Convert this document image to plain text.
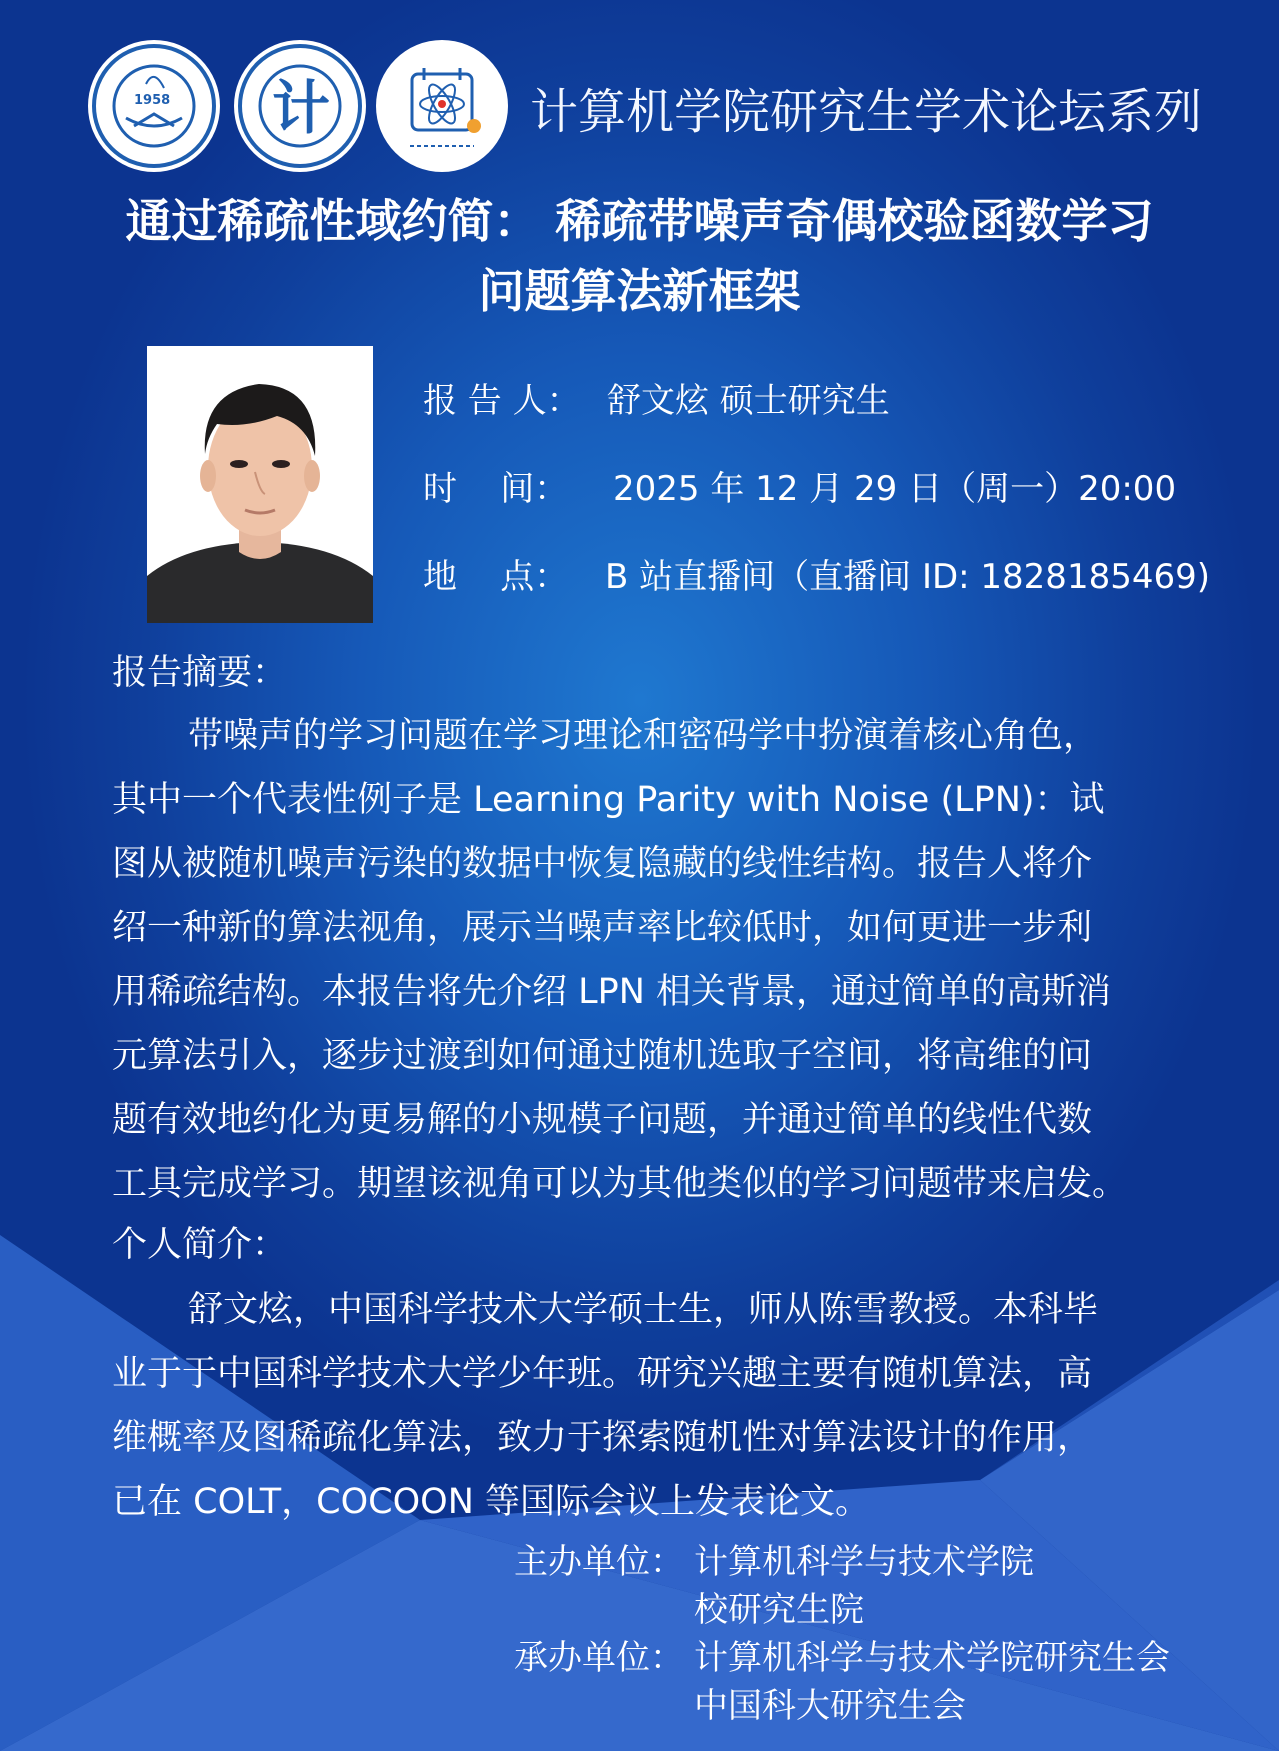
1958 计	计算机学院研究生学术论坛系列
通过稀疏性域约简： 稀疏带噪声奇偶校验函数学习
问题算法新框架
报 告 人： 舒文炫 硕士研究生
时    间： 2025 年 12 月 29 日（周一）20:00
地    点： B 站直播间（直播间 ID: 1828185469)
报告摘要：
带噪声的学习问题在学习理论和密码学中扮演着核心角色，
其中一个代表性例子是 Learning Parity with Noise (LPN)：试
图从被随机噪声污染的数据中恢复隐藏的线性结构。报告人将介
绍一种新的算法视角，展示当噪声率比较低时，如何更进一步利
用稀疏结构。本报告将先介绍 LPN 相关背景，通过简单的高斯消
元算法引入，逐步过渡到如何通过随机选取子空间，将高维的问
题有效地约化为更易解的小规模子问题，并通过简单的线性代数
工具完成学习。期望该视角可以为其他类似的学习问题带来启发。
个人简介：
舒文炫，中国科学技术大学硕士生，师从陈雪教授。本科毕
业于于中国科学技术大学少年班。研究兴趣主要有随机算法，高
维概率及图稀疏化算法，致力于探索随机性对算法设计的作用，
已在 COLT，COCOON 等国际会议上发表论文。
主办单位： 计算机科学与技术学院
校研究生院
承办单位： 计算机科学与技术学院研究生会
中国科大研究生会
